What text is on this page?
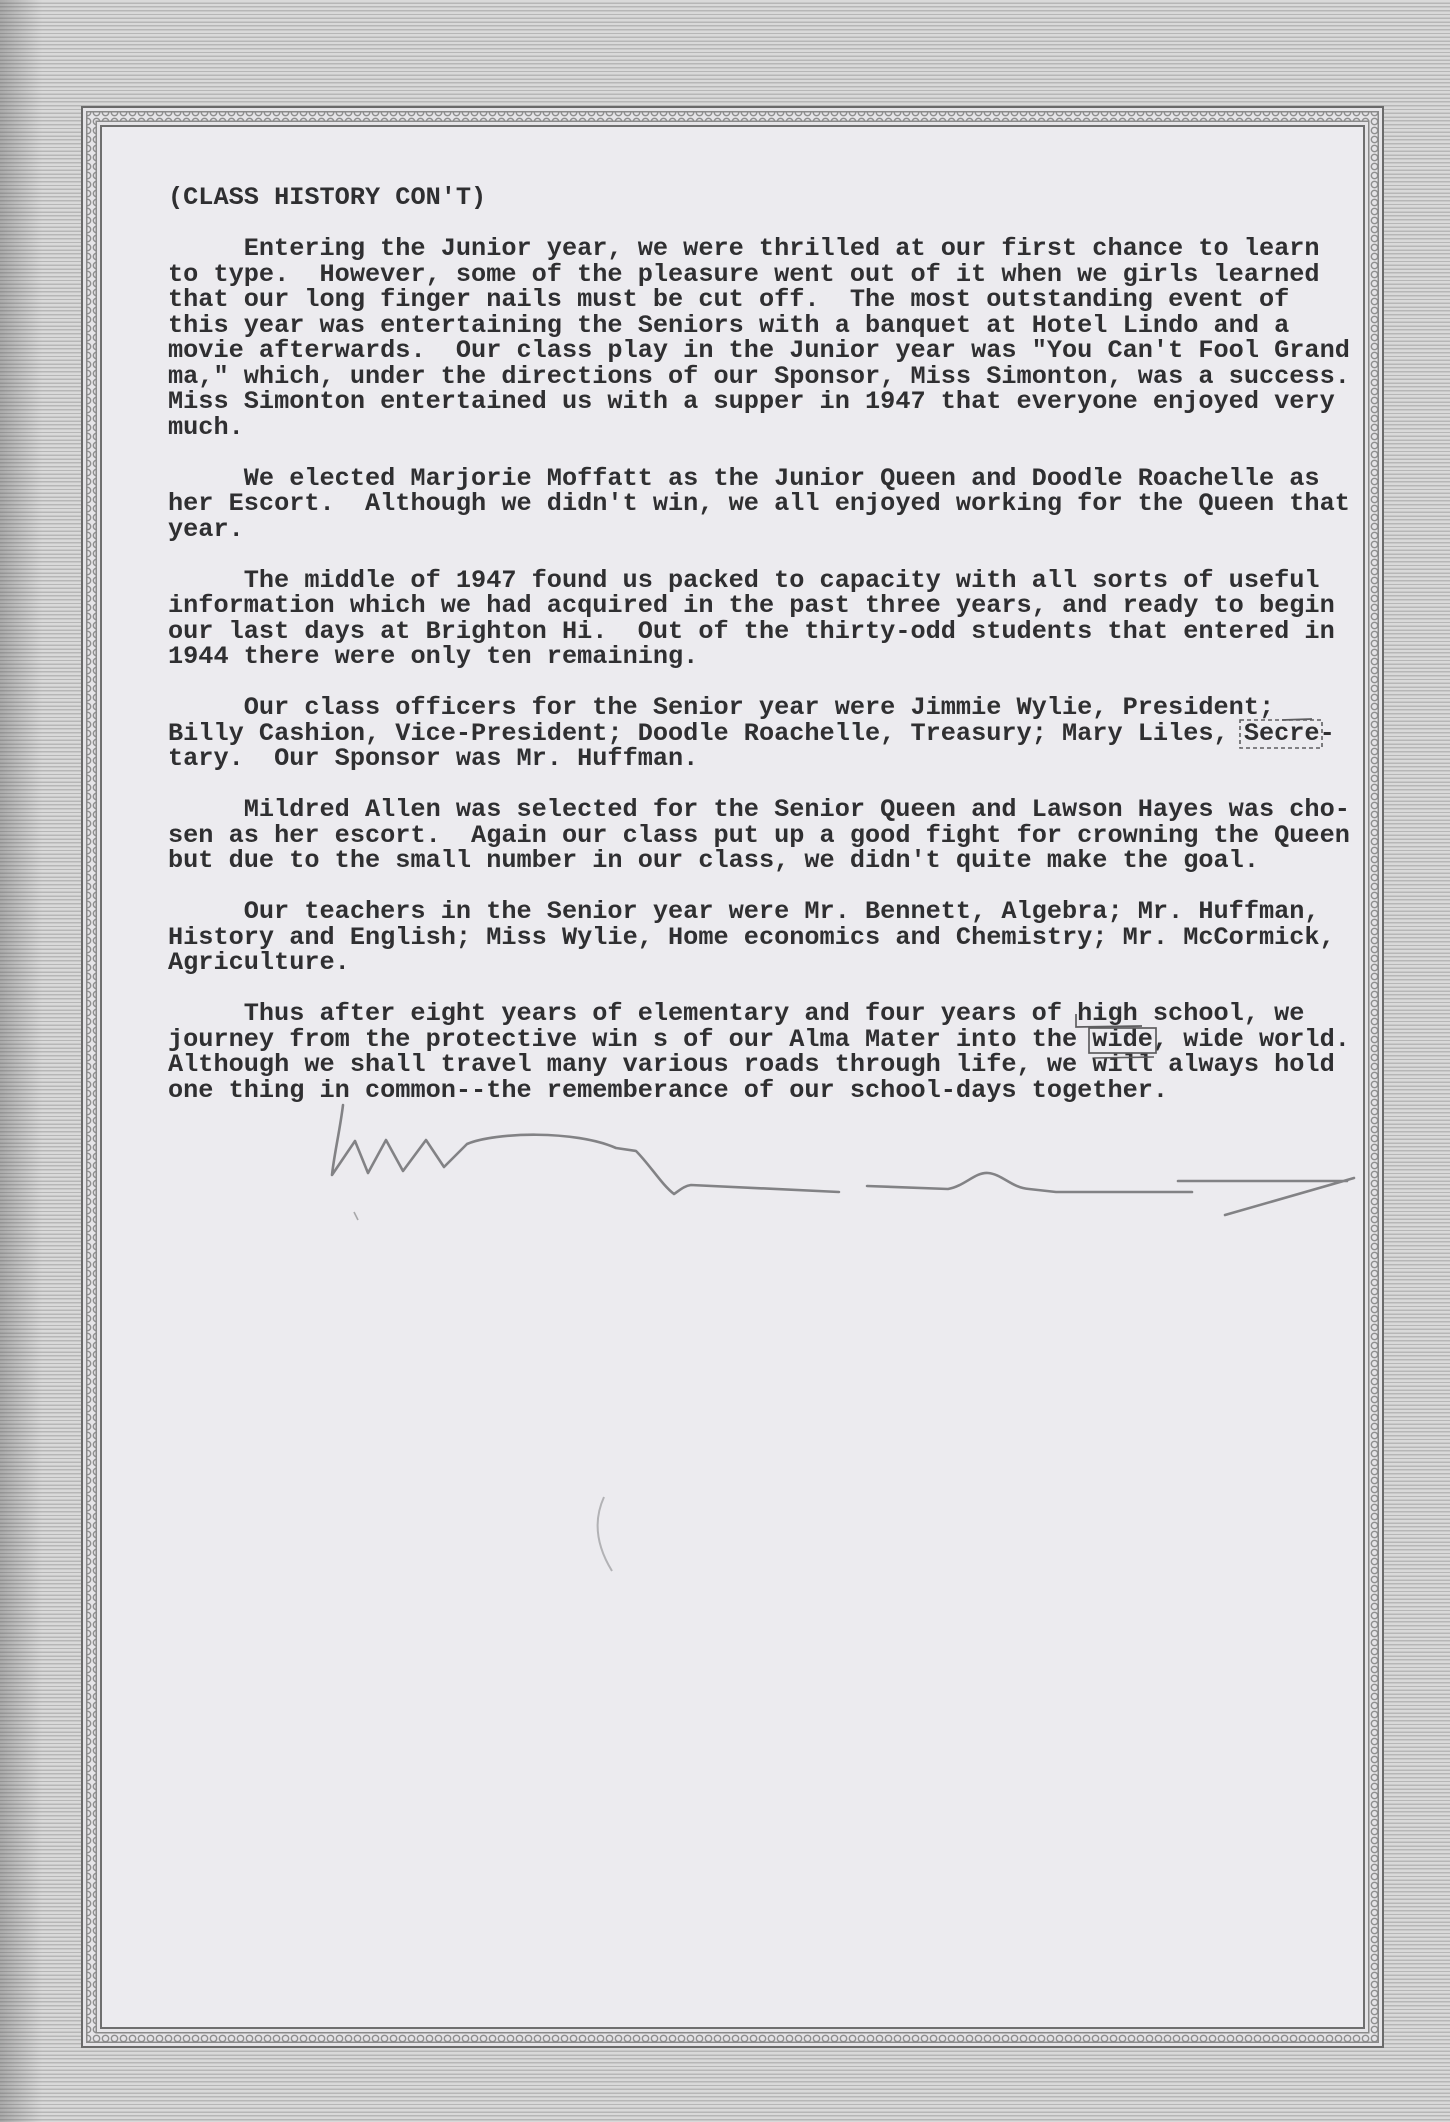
(CLASS HISTORY CON'T)
Entering the Junior year, we were thrilled at our first chance to learn
to type.  However, some of the pleasure went out of it when we girls learned
that our long finger nails must be cut off.  The most outstanding event of
this year was entertaining the Seniors with a banquet at Hotel Lindo and a
movie afterwards.  Our class play in the Junior year was "You Can't Fool Grand
ma," which, under the directions of our Sponsor, Miss Simonton, was a success.
Miss Simonton entertained us with a supper in 1947 that everyone enjoyed very
much.
We elected Marjorie Moffatt as the Junior Queen and Doodle Roachelle as
her Escort.  Although we didn't win, we all enjoyed working for the Queen that
year.
The middle of 1947 found us packed to capacity with all sorts of useful
information which we had acquired in the past three years, and ready to begin
our last days at Brighton Hi.  Out of the thirty-odd students that entered in
1944 there were only ten remaining.
Our class officers for the Senior year were Jimmie Wylie, President;
Billy Cashion, Vice-President; Doodle Roachelle, Treasury; Mary Liles, Secre-
tary.  Our Sponsor was Mr. Huffman.
Mildred Allen was selected for the Senior Queen and Lawson Hayes was cho-
sen as her escort.  Again our class put up a good fight for crowning the Queen
but due to the small number in our class, we didn't quite make the goal.
Our teachers in the Senior year were Mr. Bennett, Algebra; Mr. Huffman,
History and English; Miss Wylie, Home economics and Chemistry; Mr. McCormick,
Agriculture.
Thus after eight years of elementary and four years of high school, we
journey from the protective win s of our Alma Mater into the wide, wide world.
Although we shall travel many various roads through life, we will always hold
one thing in common--the rememberance of our school-days together.
